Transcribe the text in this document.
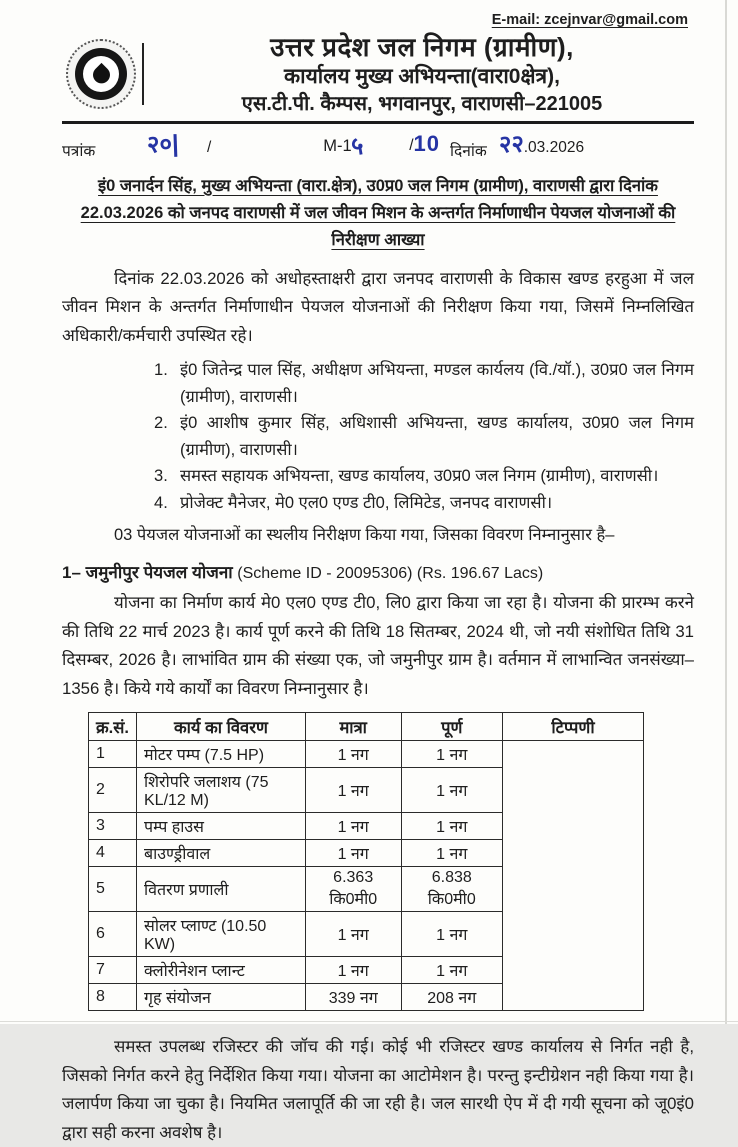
E-mail: zcejnvar@gmail.com
उत्तर प्रदेश जल निगम (ग्रामीण),
कार्यालय मुख्य अभियन्ता(वारा0क्षेत्र),
एस.टी.पी. कैम्पस, भगवानपुर, वाराणसी–221005
पत्रांक २०| /	M-1
५	/ 10 दिनांक २२ .03.2026
इं0 जनार्दन सिंह, मुख्य अभियन्ता (वारा.क्षेत्र), उ0प्र0 जल निगम (ग्रामीण), वाराणसी द्वारा दिनांक
22.03.2026 को जनपद वाराणसी में जल जीवन मिशन के अन्तर्गत निर्माणाधीन पेयजल योजनाओं की
निरीक्षण आख्या

दिनांक 22.03.2026 को अधोहस्ताक्षरी द्वारा जनपद वाराणसी के विकास खण्ड हरहुआ में जल जीवन मिशन के अन्तर्गत निर्माणाधीन पेयजल योजनाओं की निरीक्षण किया गया, जिसमें निम्नलिखित अधिकारी/कर्मचारी उपस्थित रहे।

इं0 जितेन्द्र पाल सिंह, अधीक्षण अभियन्ता, मण्डल कार्यलय (वि./यॉ.), उ0प्र0 जल निगम (ग्रामीण), वाराणसी।
इं0 आशीष कुमार सिंह, अधिशासी अभियन्ता, खण्ड कार्यालय, उ0प्र0 जल निगम (ग्रामीण), वाराणसी।
समस्त सहायक अभियन्ता, खण्ड कार्यालय, उ0प्र0 जल निगम (ग्रामीण), वाराणसी।
प्रोजेक्ट मैनेजर, मे0 एल0 एण्ड टी0, लिमिटेड, जनपद वाराणसी।

03 पेयजल योजनाओं का स्थलीय निरीक्षण किया गया, जिसका विवरण निम्नानुसार है–

1– जमुनीपुर पेयजल योजना (Scheme ID - 20095306) (Rs. 196.67 Lacs)

योजना का निर्माण कार्य मे0 एल0 एण्ड टी0, लि0 द्वारा किया जा रहा है। योजना की प्रारम्भ करने की तिथि 22 मार्च 2023 है। कार्य पूर्ण करने की तिथि 18 सितम्बर, 2024 थी, जो नयी संशोधित तिथि 31 दिसम्बर, 2026 है। लाभांवित ग्राम की संख्या एक, जो जमुनीपुर ग्राम है। वर्तमान में लाभान्वित जनसंख्या–1356 है। किये गये कार्यों का विवरण निम्नानुसार है।

क्र.सं.	कार्य का विवरण	मात्रा	पूर्ण	टिप्पणी
1	मोटर पम्प (7.5 HP)	1 नग	1 नग	
2	शिरोपरि जलाशय (75 KL/12 M)	1 नग	1 नग	
3	पम्प हाउस	1 नग	1 नग	
4	बाउण्ड्रीवाल	1 नग	1 नग	
5	वितरण प्रणाली	6.363 कि0मी0	6.838 कि0मी0	
6	सोलर प्लाण्ट (10.50 KW)	1 नग	1 नग	
7	क्लोरीनेशन प्लान्ट	1 नग	1 नग	
8	गृह संयोजन	339 नग	208 नग	

समस्त उपलब्ध रजिस्टर की जॉच की गई। कोई भी रजिस्टर खण्ड कार्यालय से निर्गत नही है, जिसको निर्गत करने हेतु निर्देशित किया गया। योजना का आटोमेशन है। परन्तु इन्टीग्रेशन नही किया गया है। जलार्पण किया जा चुका है। नियमित जलापूर्ति की जा रही है। जल सारथी ऐप में दी गयी सूचना को जू0इं0 द्वारा सही करना अवशेष है।
